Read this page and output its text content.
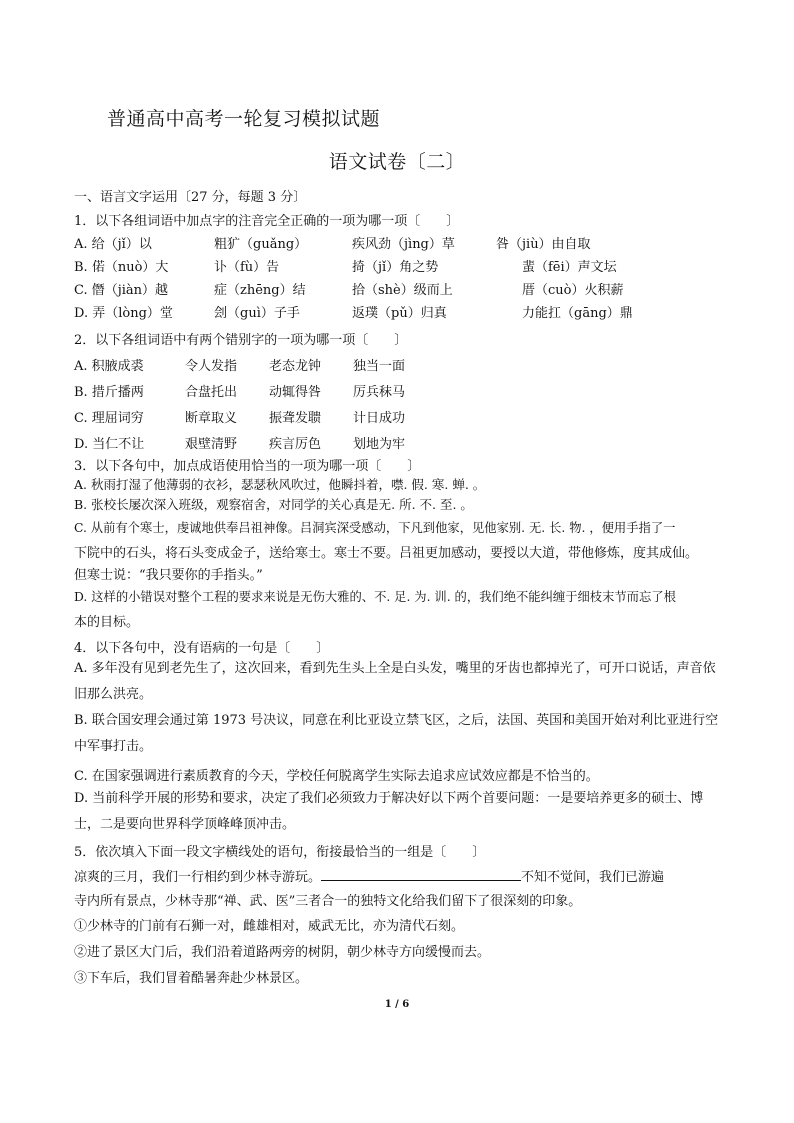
普通高中高考一轮复习模拟试题
语文试卷〔二〕
一、语言文字运用〔27 分，每题 3 分〕
1．以下各组词语中加点字的注音完全正确的一项为哪一项〔　　〕
A. 给（jǐ）以	粗犷（guǎng）	疾风劲（jìng）草	咎（jiù）由自取
B. 偌（nuò）大	讣（fù）告	掎（jǐ）角之势	蜚（fēi）声文坛
C. 僭（jiàn）越	症（zhēng）结	拾（shè）级而上	厝（cuò）火积薪
D. 弄（lòng）堂	刽（guì）子手	返璞（pǔ）归真	力能扛（gāng）鼎
2．以下各组词语中有两个错别字的一项为哪一项〔　　〕
A. 积腋成裘	令人发指 老态龙钟 独当一面
B. 措斤播两	合盘托出 动辄得咎 厉兵秣马
C. 理屈词穷	断章取义 振聋发聩 计日成功
D. 当仁不让	艰壁清野 疾言厉色 划地为牢
3．以下各句中，加点成语使用恰当的一项为哪一项〔　　〕
A. 秋雨打湿了他薄弱的衣衫，瑟瑟秋风吹过，他瞬抖着，噤. 假. 寒. 蝉. 。
B. 张校长屡次深入班级，观察宿舍，对同学的关心真是无. 所. 不. 至. 。
C. 从前有个寒士，虔诚地供奉吕祖神像。吕洞宾深受感动，下凡到他家，见他家别. 无. 长. 物. ，便用手指了一
下院中的石头，将石头变成金子，送给寒士。寒士不要。吕祖更加感动，要授以大道，带他修炼，度其成仙。
但寒士说：“我只要你的手指头。”
D. 这样的小错误对整个工程的要求来说是无伤大雅的、不. 足. 为. 训. 的，我们绝不能纠缠于细枝末节而忘了根
本的目标。
4．以下各句中，没有语病的一句是〔　　〕
A. 多年没有见到老先生了，这次回来，看到先生头上全是白头发，嘴里的牙齿也都掉光了，可开口说话，声音依旧那么洪亮。
B. 联合国安理会通过第 1973 号决议，同意在利比亚设立禁飞区，之后，法国、英国和美国开始对利比亚进行空中军事打击。
C. 在国家强调进行素质教育的今天，学校任何脱离学生实际去追求应试效应都是不恰当的。
D. 当前科学开展的形势和要求，决定了我们必须致力于解决好以下两个首要问题：一是要培养更多的硕士、博士，二是要向世界科学顶峰峰顶冲击。
5．依次填入下面一段文字横线处的语句，衔接最恰当的一组是〔　　〕
凉爽的三月，我们一行相约到少林寺游玩。	不知不觉间，我们已游遍
寺内所有景点，少林寺那“禅、武、医”三者合一的独特文化给我们留下了很深刻的印象。
①少林寺的门前有石狮一对，雌雄相对，威武无比，亦为清代石刻。
②进了景区大门后，我们沿着道路两旁的树阴，朝少林寺方向缓慢而去。
③下车后，我们冒着酷暑奔赴少林景区。
1 / 6
